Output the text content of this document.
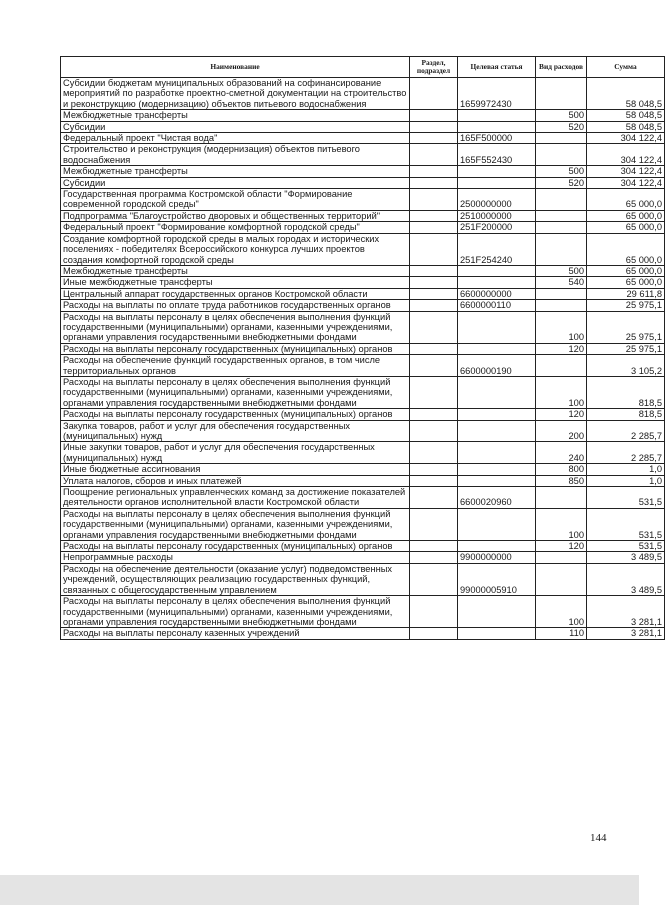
Наименование	Раздел, подраздел	Целевая статья	Вид расходов	Сумма
Субсидии бюджетам муниципальных образований на софинансирование мероприятий по разработке проектно-сметной документации на строительство и реконструкцию (модернизацию) объектов питьевого водоснабжения		1659972430		58 048,5
Межбюджетные трансферты			500	58 048,5
Субсидии			520	58 048,5
Федеральный проект "Чистая вода"		165F500000		304 122,4
Строительство и реконструкция (модернизация) объектов питьевого водоснабжения		165F552430		304 122,4
Межбюджетные трансферты			500	304 122,4
Субсидии			520	304 122,4
Государственная программа Костромской области "Формирование современной городской среды"		2500000000		65 000,0
Подпрограмма "Благоустройство дворовых и общественных территорий"		2510000000		65 000,0
Федеральный проект "Формирование комфортной городской среды"		251F200000		65 000,0
Создание комфортной городской среды в малых городах и исторических поселениях - победителях Всероссийского конкурса лучших проектов создания комфортной городской среды		251F254240		65 000,0
Межбюджетные трансферты			500	65 000,0
Иные межбюджетные трансферты			540	65 000,0
Центральный аппарат государственных органов Костромской области		6600000000		29 611,8
Расходы на выплаты по оплате труда работников государственных органов		6600000110		25 975,1
Расходы на выплаты персоналу в целях обеспечения выполнения функций государственными (муниципальными) органами, казенными учреждениями, органами управления государственными внебюджетными фондами			100	25 975,1
Расходы на выплаты персоналу государственных (муниципальных) органов			120	25 975,1
Расходы на обеспечение функций государственных органов, в том числе территориальных органов		6600000190		3 105,2
Расходы на выплаты персоналу в целях обеспечения выполнения функций государственными (муниципальными) органами, казенными учреждениями, органами управления государственными внебюджетными фондами			100	818,5
Расходы на выплаты персоналу государственных (муниципальных) органов			120	818,5
Закупка товаров, работ и услуг для обеспечения государственных (муниципальных) нужд			200	2 285,7
Иные закупки товаров, работ и услуг для обеспечения государственных (муниципальных) нужд			240	2 285,7
Иные бюджетные ассигнования			800	1,0
Уплата налогов, сборов и иных платежей			850	1,0
Поощрение региональных управленческих команд за достижение показателей деятельности органов исполнительной власти Костромской области		6600020960		531,5
Расходы на выплаты персоналу в целях обеспечения выполнения функций государственными (муниципальными) органами, казенными учреждениями, органами управления государственными внебюджетными фондами			100	531,5
Расходы на выплаты персоналу государственных (муниципальных) органов			120	531,5
Непрограммные расходы		9900000000		3 489,5
Расходы на обеспечение деятельности (оказание услуг) подведомственных учреждений, осуществляющих реализацию государственных функций, связанных с общегосударственным управлением		99000005910		3 489,5
Расходы на выплаты персоналу в целях обеспечения выполнения функций государственными (муниципальными) органами, казенными учреждениями, органами управления государственными внебюджетными фондами			100	3 281,1
Расходы на выплаты персоналу казенных учреждений			110	3 281,1
144
